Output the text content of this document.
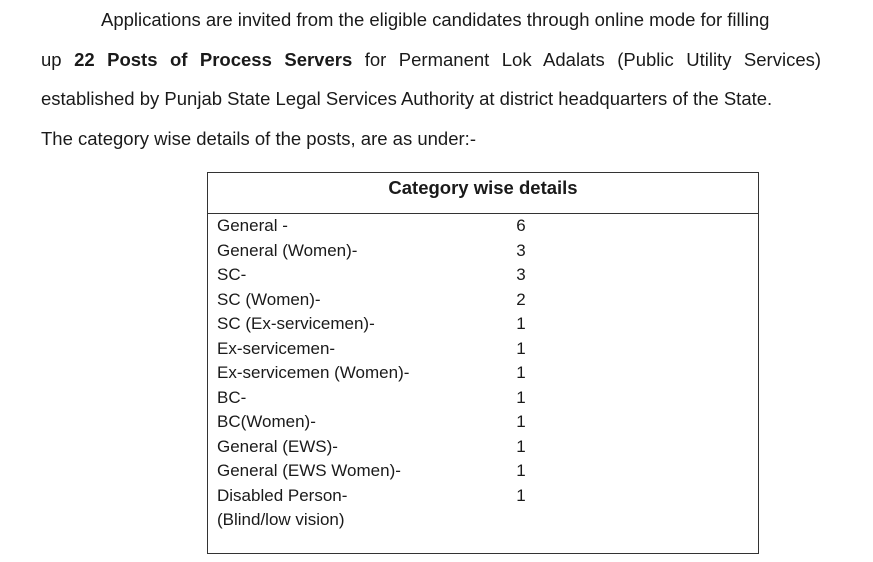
Applications are invited from the eligible candidates through online mode for filling
up 22 Posts of Process Servers for Permanent Lok Adalats (Public Utility Services)
established by Punjab State Legal Services Authority at district headquarters of the State.
The category wise details of the posts, are as under:-
Category wise details
General -	6
General (Women)-	3
SC-	3
SC (Women)-	2
SC (Ex-servicemen)-	1
Ex-servicemen-	1
Ex-servicemen (Women)-	1
BC-	1
BC(Women)-	1
General (EWS)-	1
General (EWS Women)-	1
Disabled Person-	1
(Blind/low vision)
